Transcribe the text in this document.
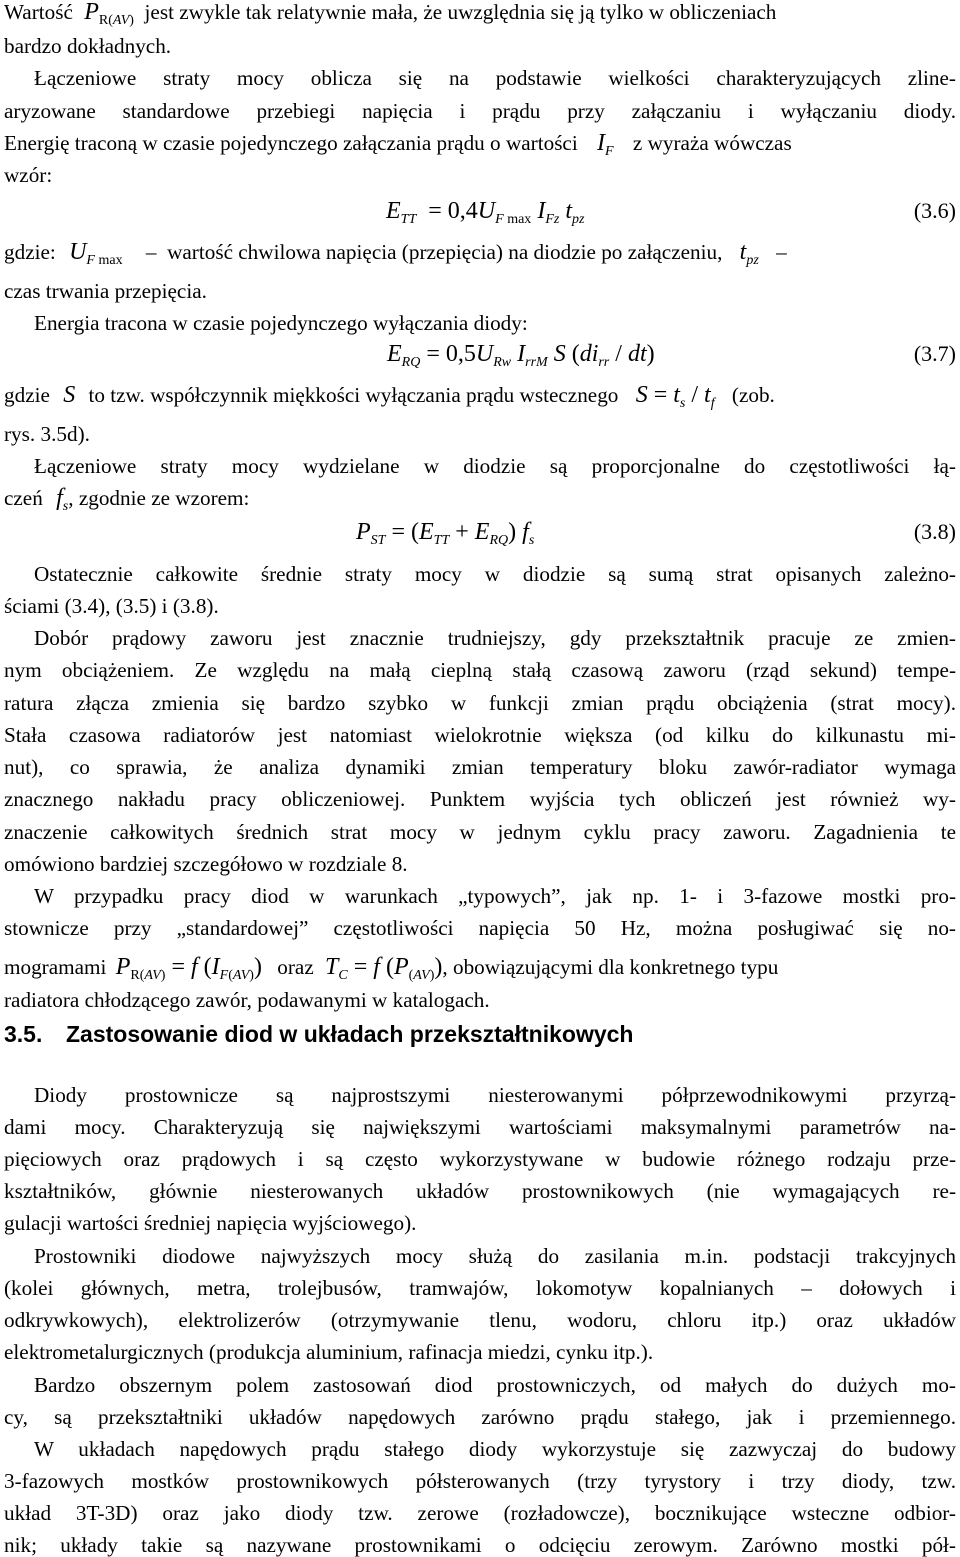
Wartość  $P_{R(AV)}$ jest zwykle tak relatywnie mała, że uwzględnia się ją tylko w obliczeniach
bardzo dokładnych.
Łączeniowe straty mocy oblicza się na podstawie wielkości charakteryzujących zline-
aryzowane standardowe przebiegi napięcia i prądu przy załączaniu i wyłączaniu diody.
Energię traconą w czasie pojedynczego załączania prądu o wartości $I_F$ z wyraża wówczas
wzór:
$E_{TT} = 0,4U_F$ $_{max}$ $I_{Fz}$ $t_{pz}$	(3.6)
gdzie: $U_F$ $_{max}$ –  wartość chwilowa napięcia (przepięcia) na diodzie po załączeniu, $t_{pz}$ –
czas trwania przepięcia.
Energia tracona w czasie pojedynczego wyłączania diody:
$E_{RQ} = 0,5U_{Rw}$ $I_{rrM}$ S $(di_{rr} / dt)$	(3.7)
gdzie S to tzw. współczynnik miękkości wyłączania prądu wstecznego $S = t_s / t_f$ (zob.
rys. 3.5d).
Łączeniowe straty mocy wydzielane w diodzie są proporcjonalne do częstotliwości łą-
czeń $f_s$, zgodnie ze wzorem:
$P_{ST} = (E_{TT} + E_{RQ})$ $f_s$	(3.8)
Ostatecznie całkowite średnie straty mocy w diodzie są sumą strat opisanych zależno-
ściami (3.4), (3.5) i (3.8).
Dobór prądowy zaworu jest znacznie trudniejszy, gdy przekształtnik pracuje ze zmien-
nym obciążeniem. Ze względu na małą cieplną stałą czasową zaworu (rząd sekund) tempe-
ratura złącza zmienia się bardzo szybko w funkcji zmian prądu obciążenia (strat mocy).
Stała czasowa radiatorów jest natomiast wielokrotnie większa (od kilku do kilkunastu mi-
nut), co sprawia, że analiza dynamiki zmian temperatury bloku zawór-radiator wymaga
znacznego nakładu pracy obliczeniowej. Punktem wyjścia tych obliczeń jest również wy-
znaczenie całkowitych średnich strat mocy w jednym cyklu pracy zaworu. Zagadnienia te
omówiono bardziej szczegółowo w rozdziale 8.
W przypadku pracy diod w warunkach „typowych”, jak np. 1- i 3-fazowe mostki pro-
stownicze przy „standardowej” częstotliwości napięcia 50 Hz, można posługiwać się no-
mogramami $P_{R(AV)} = f$ $(I_{F(AV)})$ oraz $T_C = f$ $(P_{(AV)})$, obowiązującymi dla konkretnego typu
radiatora chłodzącego zawór, podawanymi w katalogach.
3.5. Zastosowanie diod w układach przekształtnikowych
Diody prostownicze są najprostszymi niesterowanymi półprzewodnikowymi przyrzą-
dami mocy. Charakteryzują się największymi wartościami maksymalnymi parametrów na-
pięciowych oraz prądowych i są często wykorzystywane w budowie różnego rodzaju prze-
kształtników, głównie niesterowanych układów prostownikowych (nie wymagających re-
gulacji wartości średniej napięcia wyjściowego).
Prostowniki diodowe najwyższych mocy służą do zasilania m.in. podstacji trakcyjnych
(kolei głównych, metra, trolejbusów, tramwajów, lokomotyw kopalnianych – dołowych i
odkrywkowych), elektrolizerów (otrzymywanie tlenu, wodoru, chloru itp.) oraz układów
elektrometalurgicznych (produkcja aluminium, rafinacja miedzi, cynku itp.).
Bardzo obszernym polem zastosowań diod prostowniczych, od małych do dużych mo-
cy, są przekształtniki układów napędowych zarówno prądu stałego, jak i przemiennego.
W układach napędowych prądu stałego diody wykorzystuje się zazwyczaj do budowy
3-fazowych mostków prostownikowych półsterowanych (trzy tyrystory i trzy diody, tzw.
układ 3T-3D) oraz jako diody tzw. zerowe (rozładowcze), bocznikujące wsteczne odbior-
nik; układy takie są nazywane prostownikami o odcięciu zerowym. Zarówno mostki pół-
